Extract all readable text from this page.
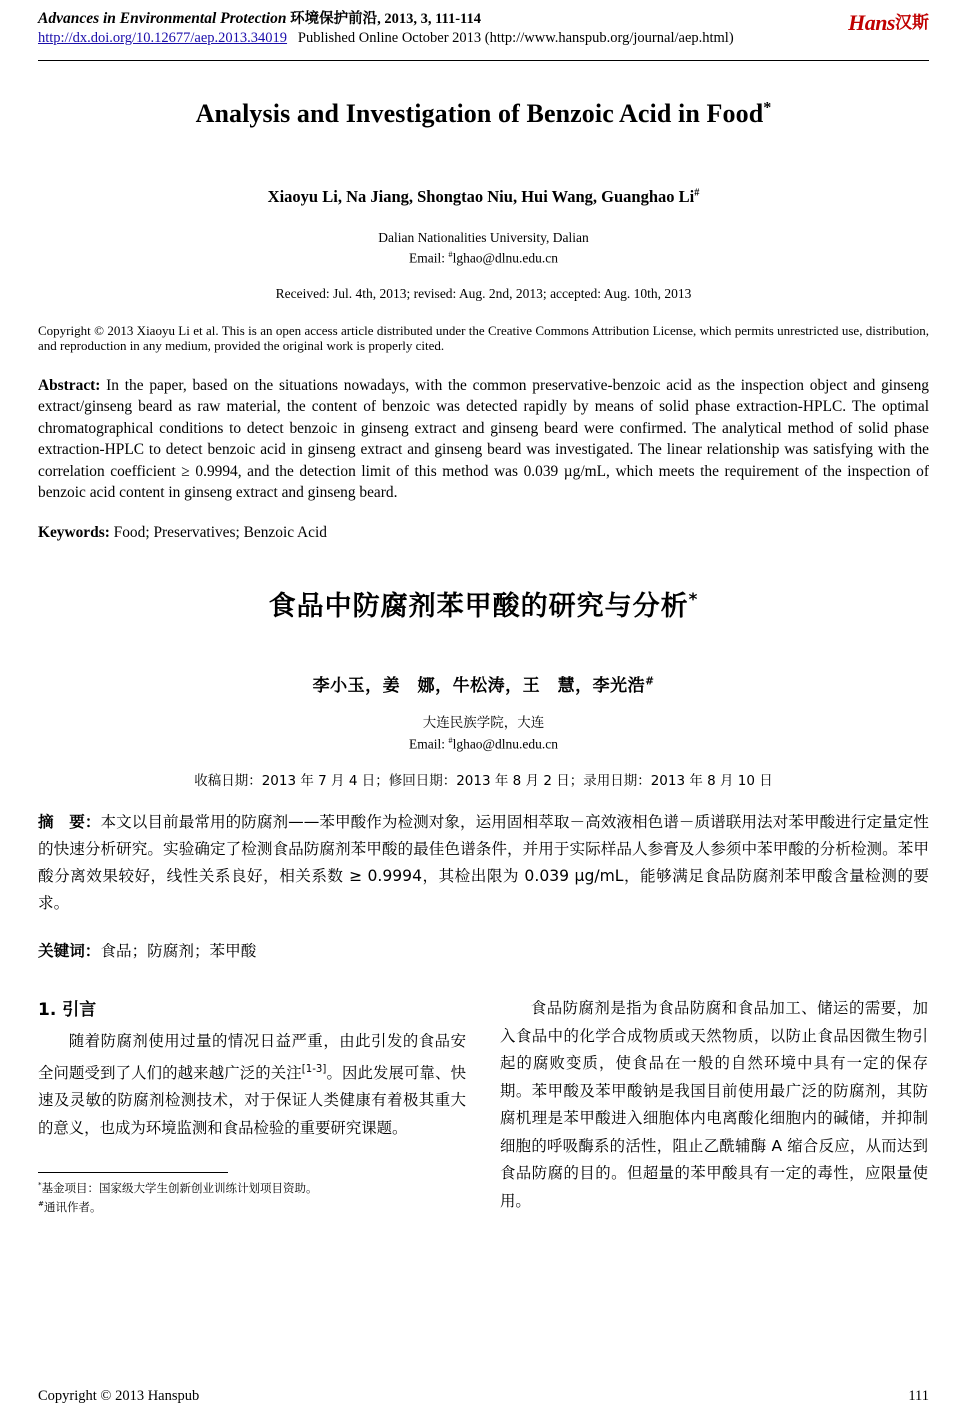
Advances in Environmental Protection 环境保护前沿, 2013, 3, 111-114
http://dx.doi.org/10.12677/aep.2013.34019 Published Online October 2013 (http://www.hanspub.org/journal/aep.html)
Hans汉斯
Analysis and Investigation of Benzoic Acid in Food*
Xiaoyu Li, Na Jiang, Shongtao Niu, Hui Wang, Guanghao Li#
Dalian Nationalities University, Dalian
Email: #lghao@dlnu.edu.cn
Received: Jul. 4th, 2013; revised: Aug. 2nd, 2013; accepted: Aug. 10th, 2013
Copyright © 2013 Xiaoyu Li et al. This is an open access article distributed under the Creative Commons Attribution License, which permits unrestricted use, distribution, and reproduction in any medium, provided the original work is properly cited.
Abstract: In the paper, based on the situations nowadays, with the common preservative-benzoic acid as the inspection object and ginseng extract/ginseng beard as raw material, the content of benzoic was detected rapidly by means of solid phase extraction-HPLC. The optimal chromatographical conditions to detect benzoic in ginseng extract and ginseng beard were confirmed. The analytical method of solid phase extraction-HPLC to detect benzoic acid in ginseng extract and ginseng beard was investigated. The linear relationship was satisfying with the correlation coefficient ≥ 0.9994, and the detection limit of this method was 0.039 µg/mL, which meets the requirement of the inspection of benzoic acid content in ginseng extract and ginseng beard.
Keywords: Food; Preservatives; Benzoic Acid
食品中防腐剂苯甲酸的研究与分析*
李小玉，姜　娜，牛松涛，王　慧，李光浩#
大连民族学院，大连
Email: #lghao@dlnu.edu.cn
收稿日期：2013 年 7 月 4 日；修回日期：2013 年 8 月 2 日；录用日期：2013 年 8 月 10 日
摘　要：本文以目前最常用的防腐剂——苯甲酸作为检测对象，运用固相萃取－高效液相色谱－质谱联用法对苯甲酸进行定量定性的快速分析研究。实验确定了检测食品防腐剂苯甲酸的最佳色谱条件，并用于实际样品人参膏及人参须中苯甲酸的分析检测。苯甲酸分离效果较好，线性关系良好，相关系数 ≥ 0.9994，其检出限为 0.039 µg/mL，能够满足食品防腐剂苯甲酸含量检测的要求。
关键词：食品；防腐剂；苯甲酸
1. 引言
随着防腐剂使用过量的情况日益严重，由此引发的食品安全问题受到了人们的越来越广泛的关注[1-3]。因此发展可靠、快速及灵敏的防腐剂检测技术，对于保证人类健康有着极其重大的意义，也成为环境监测和食品检验的重要研究课题。
*基金项目：国家级大学生创新创业训练计划项目资助。
#通讯作者。
食品防腐剂是指为食品防腐和食品加工、储运的需要，加入食品中的化学合成物质或天然物质，以防止食品因微生物引起的腐败变质，使食品在一般的自然环境中具有一定的保存期。苯甲酸及苯甲酸钠是我国目前使用最广泛的防腐剂，其防腐机理是苯甲酸进入细胞体内电离酸化细胞内的碱储，并抑制细胞的呼吸酶系的活性，阻止乙酰辅酶 A 缩合反应，从而达到食品防腐的目的。但超量的苯甲酸具有一定的毒性，应限量使用。
Copyright © 2013 Hanspub	111
